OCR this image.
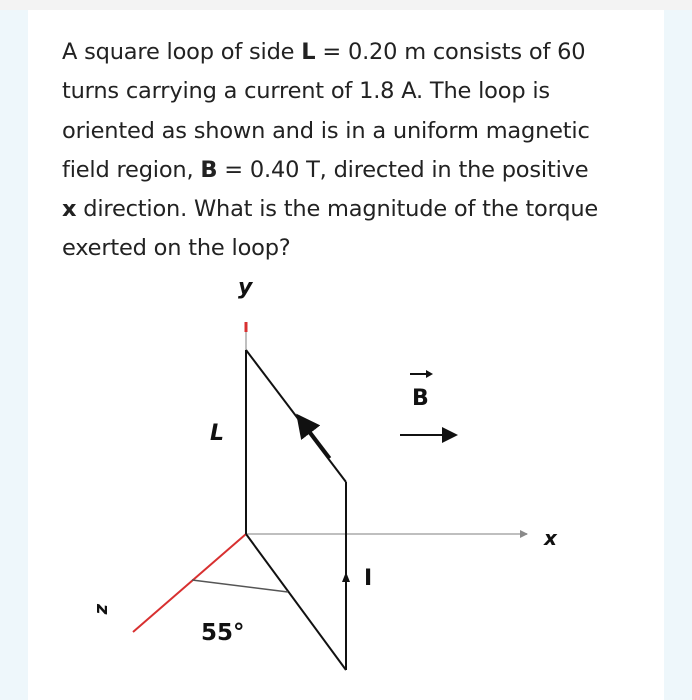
A square loop of side L = 0.20 m consists of 60
turns carrying a current of 1.8 A. The loop is
oriented as shown and is in a uniform magnetic
field region, B = 0.40 T, directed in the positive
x direction. What is the magnitude of the torque
exerted on the loop?

y
x
z
L
B
I
55°
